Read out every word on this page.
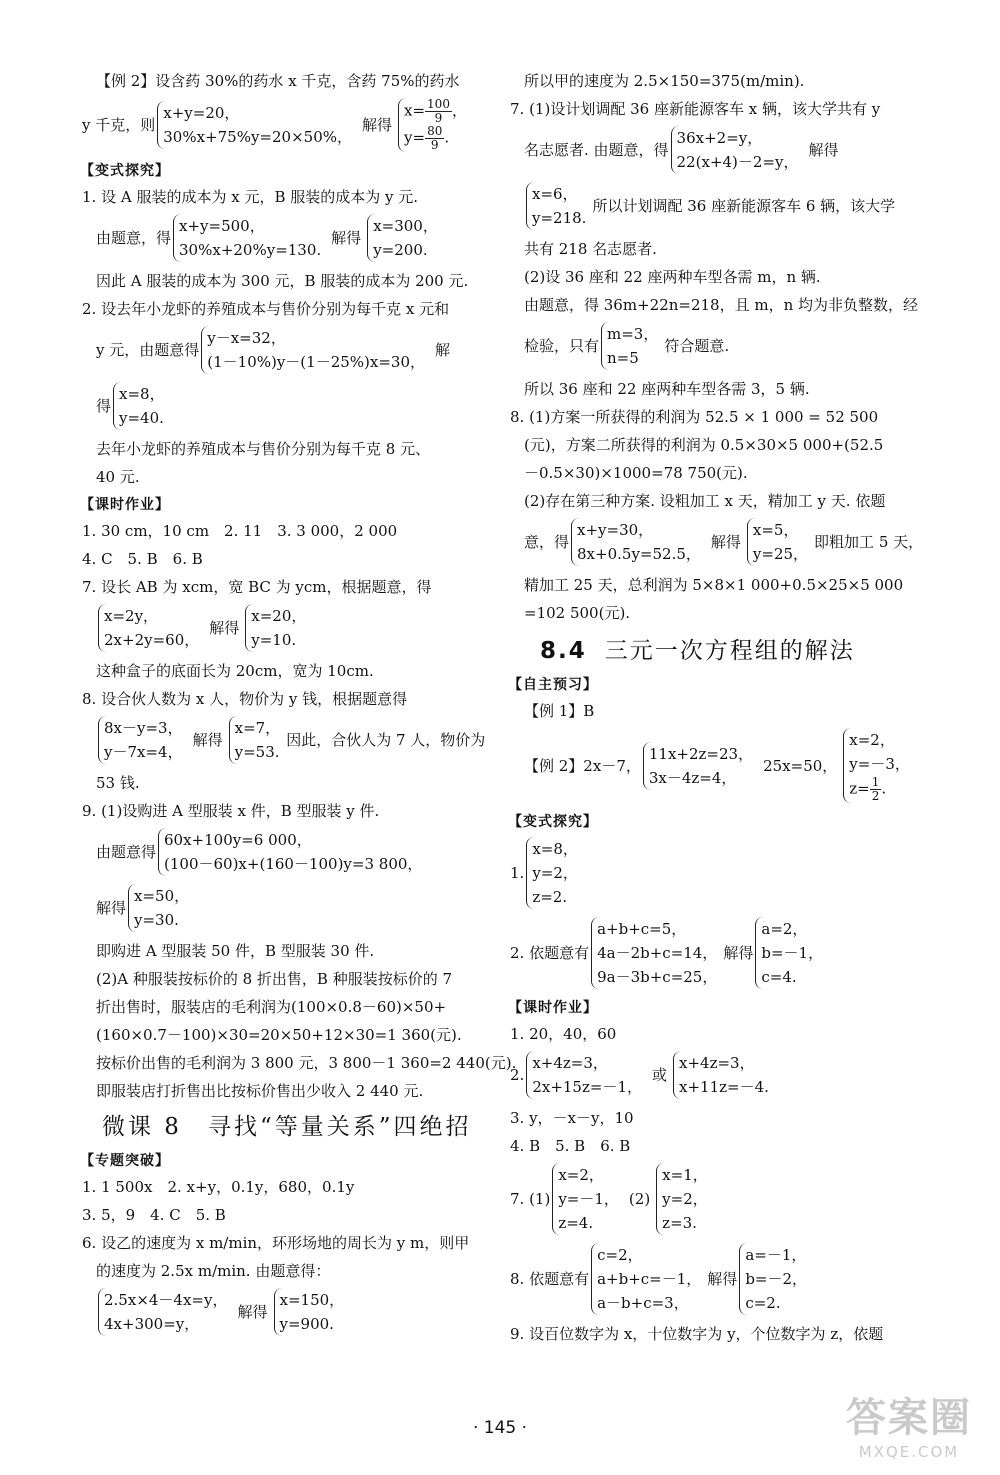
【例 2】设含药 30%的药水 x 千克，含药 75%的药水
y 千克，则
x+y=20，
30%x+75%y=20×50%，
解得
$x= \frac{100}{9}$ ，
$y= \frac{80}{9}$ .
【变式探究】
1. 设 A 服装的成本为 x 元，B 服装的成本为 y 元.
由题意，得
x+y=500，
30%x+20%y=130.
解得
x=300，
y=200.
因此 A 服装的成本为 300 元，B 服装的成本为 200 元.
2. 设去年小龙虾的养殖成本与售价分别为每千克 x 元和
y 元，由题意得
y－x=32，
(1－10%)y－(1－25%)x=30，
解
得
x=8，
y=40.
去年小龙虾的养殖成本与售价分别为每千克 8 元、
40 元.
【课时作业】
1. 30 cm，10 cm　2. 11　3. 3 000，2 000
4. C　5. B　6. B
7. 设长 AB 为 xcm，宽 BC 为 ycm，根据题意，得
x=2y，
2x+2y=60，
解得
x=20，
y=10.
这种盒子的底面长为 20cm，宽为 10cm.
8. 设合伙人数为 x 人，物价为 y 钱，根据题意得
8x－y=3，
y－7x=4，
解得
x=7，
y=53.
因此，合伙人为 7 人，物价为
53 钱.
9. (1)设购进 A 型服装 x 件，B 型服装 y 件.
由题意得
60x+100y=6 000，
(100－60)x+(160－100)y=3 800，
解得
x=50，
y=30.
即购进 A 型服装 50 件，B 型服装 30 件.
(2)A 种服装按标价的 8 折出售，B 种服装按标价的 7
折出售时，服装店的毛利润为(100×0.8－60)×50+
(160×0.7－100)×30=20×50+12×30=1 360(元).
按标价出售的毛利润为 3 800 元，3 800－1 360=2 440(元).
即服装店打折售出比按标价售出少收入 2 440 元.
微课 8　寻找“等量关系”四绝招
【专题突破】
1. 1 500x　2. x+y，0.1y，680，0.1y
3. 5，9　4. C　5. B
6. 设乙的速度为 x m/min，环形场地的周长为 y m，则甲
的速度为 2.5x m/min. 由题意得：
2.5x×4－4x=y，
4x+300=y，
解得
x=150，
y=900.
所以甲的速度为 2.5×150=375(m/min).
7. (1)设计划调配 36 座新能源客车 x 辆，该大学共有 y
名志愿者. 由题意，得
36x+2=y，
22(x+4)－2=y，
解得
x=6，
y=218.
所以计划调配 36 座新能源客车 6 辆，该大学
共有 218 名志愿者.
(2)设 36 座和 22 座两种车型各需 m，n 辆.
由题意，得 36m+22n=218，且 m，n 均为非负整数，经
检验，只有
m=3，
n=5
符合题意.
所以 36 座和 22 座两种车型各需 3，5 辆.
8. (1)方案一所获得的利润为 52.5 × 1 000 = 52 500
(元)，方案二所获得的利润为 0.5×30×5 000+(52.5
－0.5×30)×1000=78 750(元).
(2)存在第三种方案. 设粗加工 x 天，精加工 y 天. 依题
意，得
x+y=30，
8x+0.5y=52.5，
解得
x=5，
y=25，
即粗加工 5 天，
精加工 25 天，总利润为 5×8×1 000+0.5×25×5 000
=102 500(元).
8.4 三元一次方程组的解法
【自主预习】
【例 1】B
【例 2】2x－7，
11x+2z=23，
3x－4z=4，
25x=50，
x=2，
y=－3，
$z= \frac{1}{2}$ .
【变式探究】
1.
x=8，
y=2，
z=2.
2. 依题意有
a+b+c=5，
4a－2b+c=14，
9a－3b+c=25，
解得
a=2，
b=－1，
c=4.
【课时作业】
1. 20，40，60
2.
x+4z=3，
2x+15z=－1，
或
x+4z=3，
x+11z=－4.
3. y，－x－y，10
4. B　5. B　6. B
7. (1)
x=2，
y=－1，
z=4.
(2)
x=1，
y=2，
z=3.
8. 依题意有
c=2，
a+b+c=－1，
a－b+c=3，
解得
a=－1，
b=－2，
c=2.
9. 设百位数字为 x，十位数字为 y，个位数字为 z，依题
· 145 ·	答案圈
MXQE.COM
